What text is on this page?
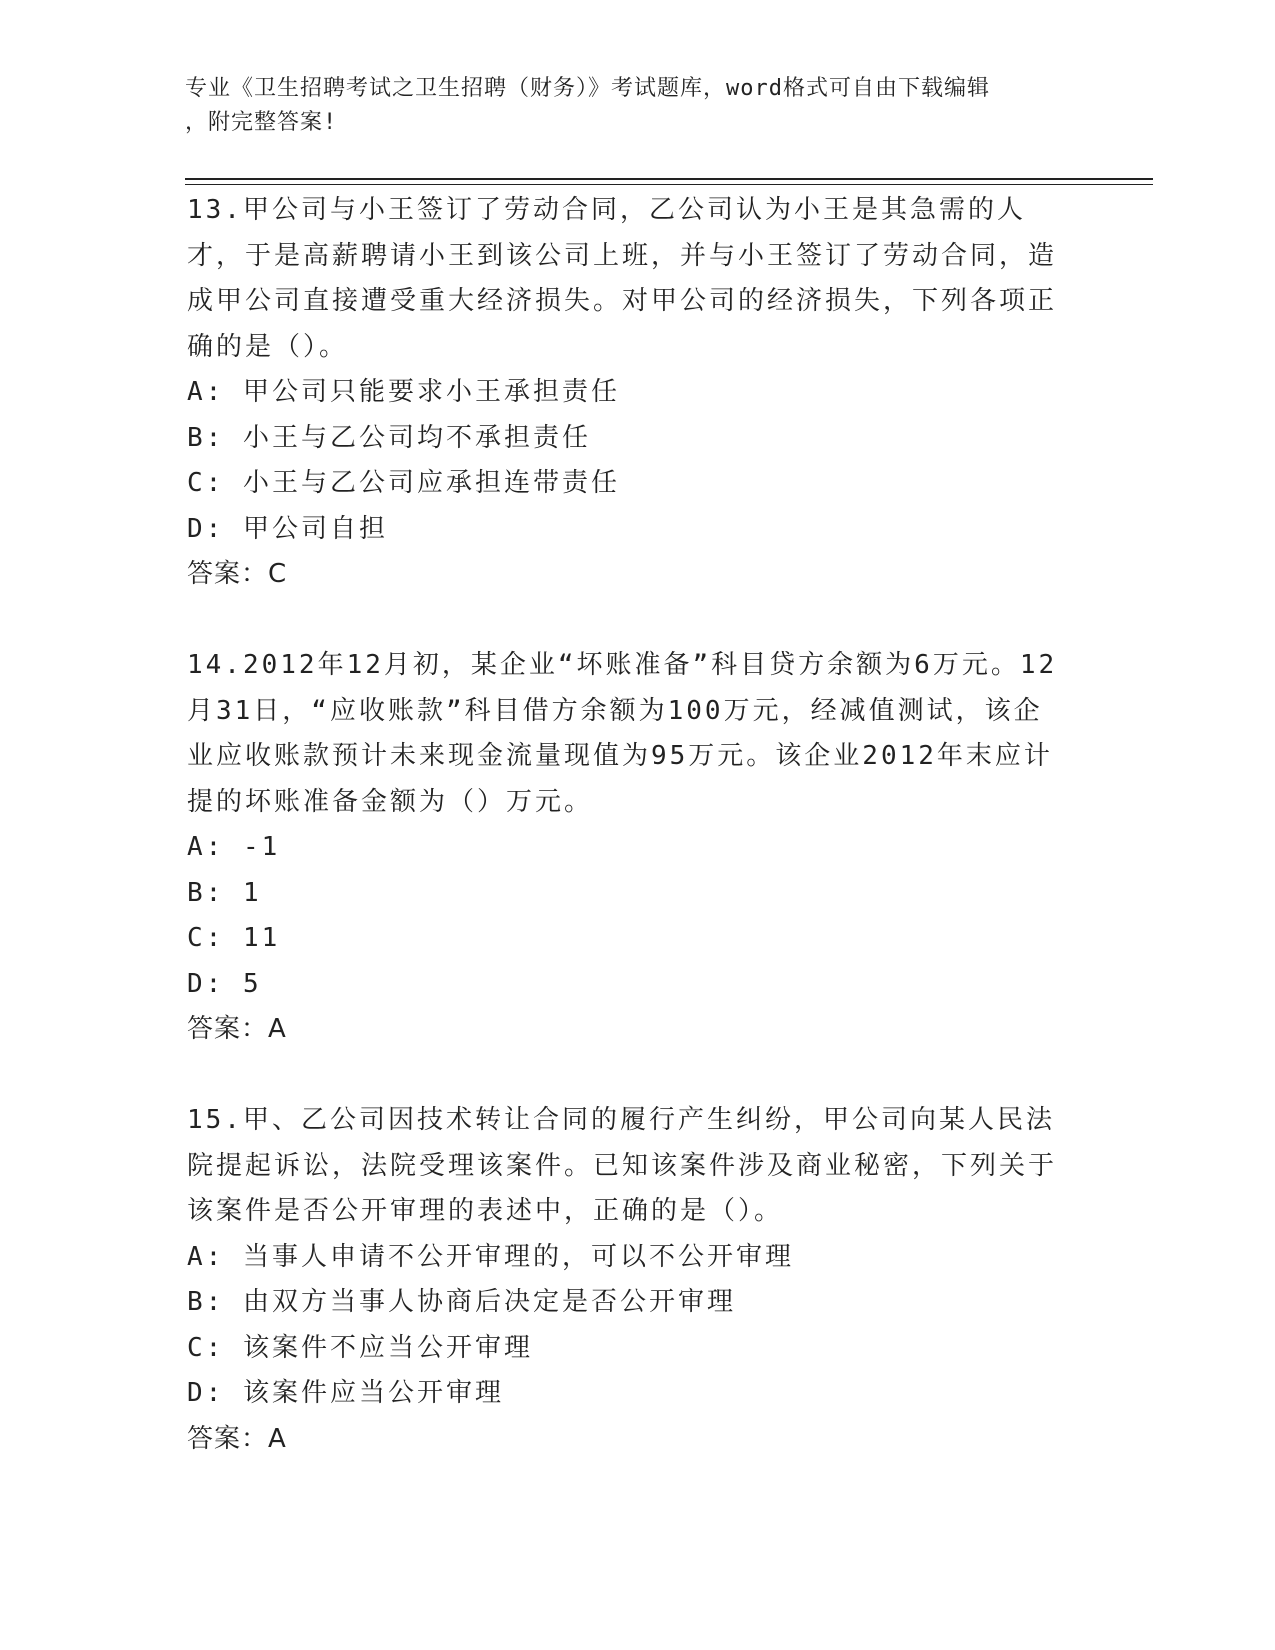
专业《卫生招聘考试之卫生招聘（财务）》考试题库，word格式可自由下载编辑
，附完整答案!

13.甲公司与小王签订了劳动合同，乙公司认为小王是其急需的人才，于是高薪聘请小王到该公司上班，并与小王签订了劳动合同，造成甲公司直接遭受重大经济损失。对甲公司的经济损失，下列各项正确的是（）。

A: 甲公司只能要求小王承担责任

B: 小王与乙公司均不承担责任

C: 小王与乙公司应承担连带责任

D: 甲公司自担

答案：C

14.2012年12月初，某企业“坏账准备”科目贷方余额为6万元。12月31日，“应收账款”科目借方余额为100万元，经减值测试，该企业应收账款预计未来现金流量现值为95万元。该企业2012年末应计提的坏账准备金额为（）万元。

A: -1

B: 1

C: 11

D: 5

答案：A

15.甲、乙公司因技术转让合同的履行产生纠纷，甲公司向某人民法院提起诉讼，法院受理该案件。已知该案件涉及商业秘密，下列关于该案件是否公开审理的表述中，正确的是（）。

A: 当事人申请不公开审理的，可以不公开审理

B: 由双方当事人协商后决定是否公开审理

C: 该案件不应当公开审理

D: 该案件应当公开审理

答案：A
